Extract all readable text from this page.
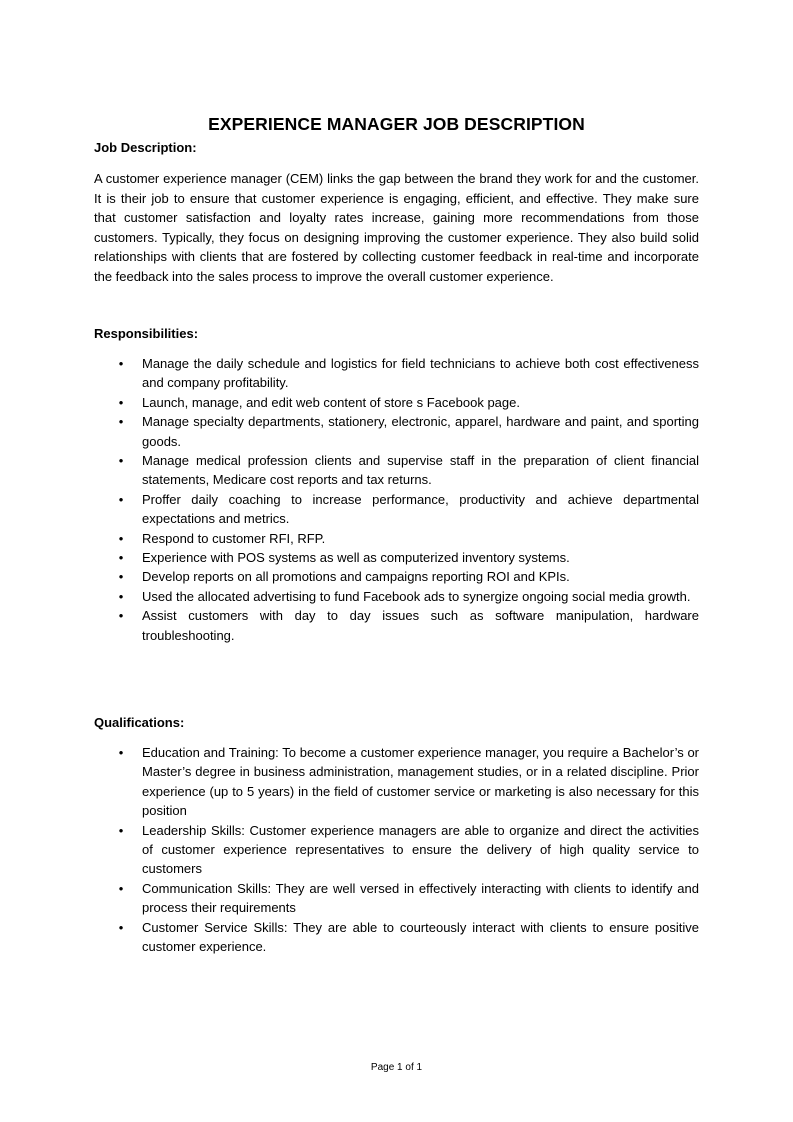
EXPERIENCE MANAGER JOB DESCRIPTION
Job Description:

A customer experience manager (CEM) links the gap between the brand they work for and the customer. It is their job to ensure that customer experience is engaging, efficient, and effective. They make sure that customer satisfaction and loyalty rates increase, gaining more recommendations from those customers. Typically, they focus on designing improving the customer experience. They also build solid relationships with clients that are fostered by collecting customer feedback in real-time and incorporate the feedback into the sales process to improve the overall customer experience.

Responsibilities:
• Manage the daily schedule and logistics for field technicians to achieve both cost effectiveness and company profitability.
• Launch, manage, and edit web content of store s Facebook page.
• Manage specialty departments, stationery, electronic, apparel, hardware and paint, and sporting goods.
• Manage medical profession clients and supervise staff in the preparation of client financial statements, Medicare cost reports and tax returns.
• Proffer daily coaching to increase performance, productivity and achieve departmental expectations and metrics.
• Respond to customer RFI, RFP.
• Experience with POS systems as well as computerized inventory systems.
• Develop reports on all promotions and campaigns reporting ROI and KPIs.
• Used the allocated advertising to fund Facebook ads to synergize ongoing social media growth.
• Assist customers with day to day issues such as software manipulation, hardware troubleshooting.
Qualifications:
• Education and Training: To become a customer experience manager, you require a Bachelor’s or Master’s degree in business administration, management studies, or in a related discipline. Prior experience (up to 5 years) in the field of customer service or marketing is also necessary for this position
• Leadership Skills: Customer experience managers are able to organize and direct the activities of customer experience representatives to ensure the delivery of high quality service to customers
• Communication Skills: They are well versed in effectively interacting with clients to identify and process their requirements
• Customer Service Skills: They are able to courteously interact with clients to ensure positive customer experience.
Page 1 of 1
